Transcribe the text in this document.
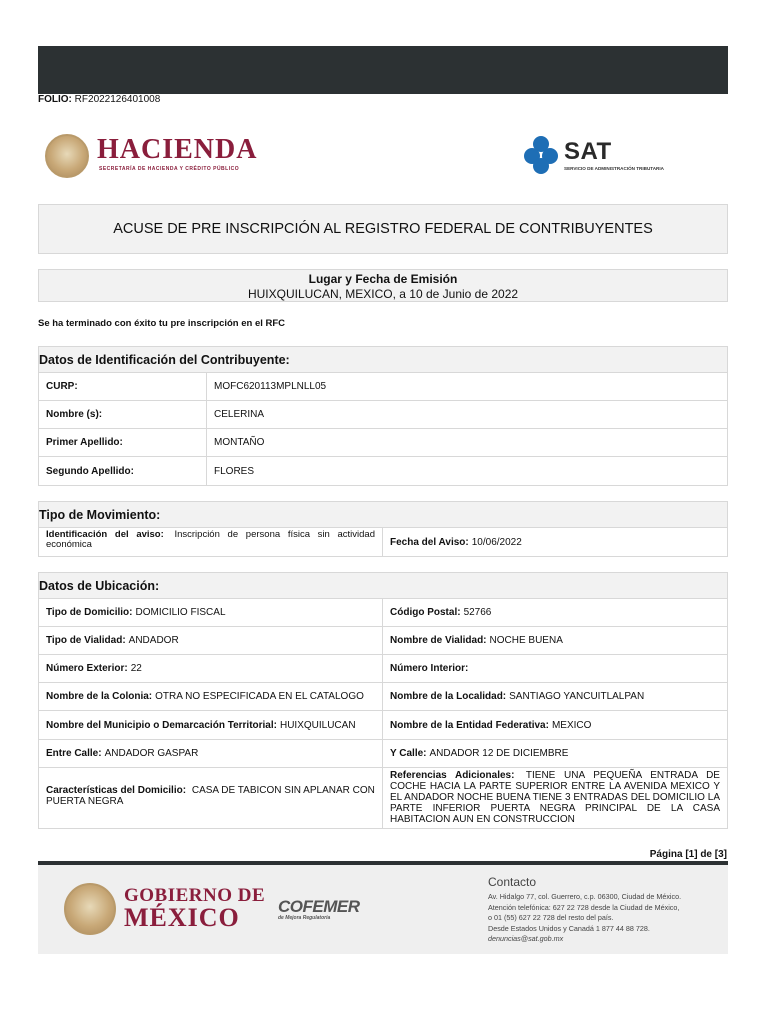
FOLIO: RF2022126401008
HACIENDA
SECRETARÍA DE HACIENDA Y CRÉDITO PÚBLICO
SAT
SERVICIO DE ADMINISTRACIÓN TRIBUTARIA
ACUSE DE PRE INSCRIPCIÓN AL REGISTRO FEDERAL DE CONTRIBUYENTES
Lugar y Fecha de Emisión
HUIXQUILUCAN, MEXICO, a 10 de Junio de 2022
Se ha terminado con éxito tu pre inscripción en el RFC
Datos de Identificación del Contribuyente:
CURP:	MOFC620113MPLNLL05
Nombre (s):	CELERINA
Primer Apellido:	MONTAÑO
Segundo Apellido:	FLORES
Tipo de Movimiento:
Identificación del aviso: Inscripción de persona física sin actividad económica	Fecha del Aviso: 10/06/2022
Datos de Ubicación:
Tipo de Domicilio: DOMICILIO FISCAL	Código Postal: 52766
Tipo de Vialidad: ANDADOR	Nombre de Vialidad: NOCHE BUENA
Número Exterior: 22	Número Interior:
Nombre de la Colonia: OTRA NO ESPECIFICADA EN EL CATALOGO	Nombre de la Localidad: SANTIAGO YANCUITLALPAN
Nombre del Municipio o Demarcación Territorial: HUIXQUILUCAN	Nombre de la Entidad Federativa: MEXICO
Entre Calle: ANDADOR GASPAR	Y Calle: ANDADOR 12 DE DICIEMBRE
Características del Domicilio: CASA DE TABICON SIN APLANAR CON PUERTA NEGRA
Referencias Adicionales: TIENE UNA PEQUEÑA ENTRADA DE COCHE HACIA LA PARTE SUPERIOR ENTRE LA AVENIDA MEXICO Y EL ANDADOR NOCHE BUENA TIENE 3 ENTRADAS DEL DOMICILIO LA PARTE INFERIOR PUERTA NEGRA PRINCIPAL DE LA CASA HABITACION AUN EN CONSTRUCCION
Página [1] de [3]
GOBIERNO DE
MÉXICO COFEMER
de Mejora Regulatoria
Contacto
Av. Hidalgo 77, col. Guerrero, c.p. 06300, Ciudad de México.
Atención telefónica: 627 22 728 desde la Ciudad de México,
o 01 (55) 627 22 728 del resto del país.
Desde Estados Unidos y Canadá 1 877 44 88 728.
denuncias@sat.gob.mx
